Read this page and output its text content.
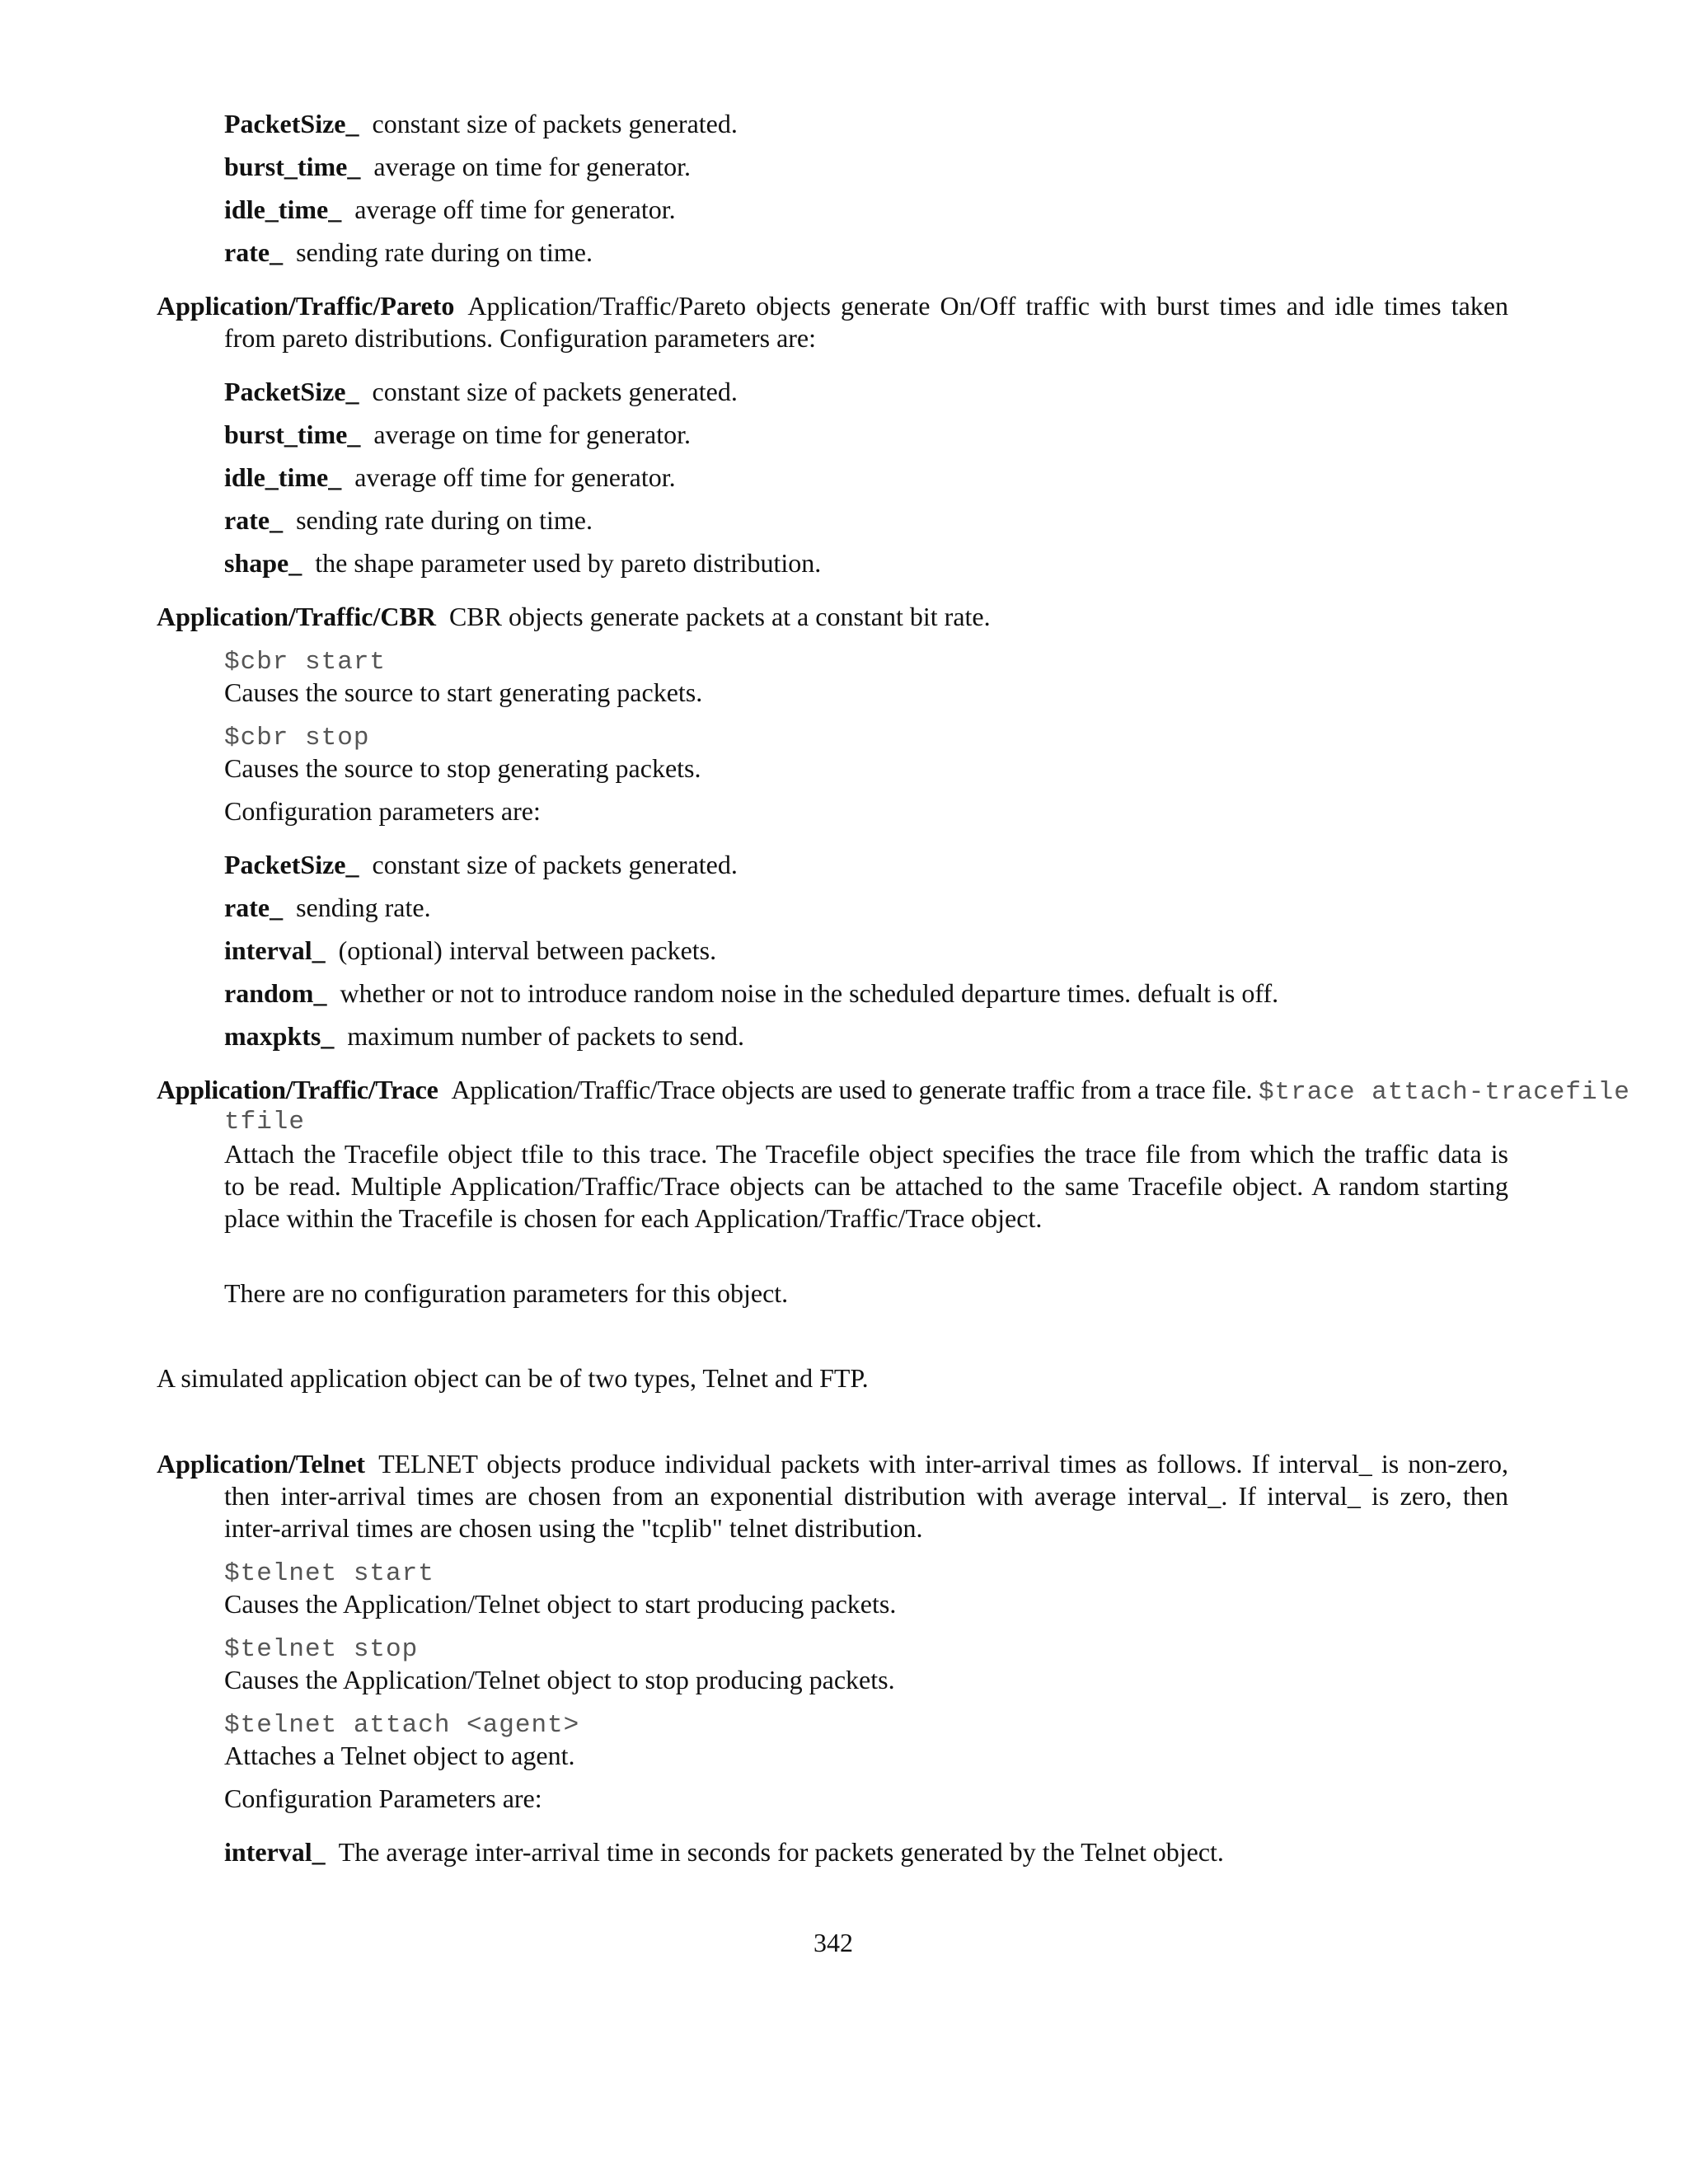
PacketSize_ constant size of packets generated.
burst_time_ average on time for generator.
idle_time_ average off time for generator.
rate_ sending rate during on time.
Application/Traffic/Pareto Application/Traffic/Pareto objects generate On/Off traffic with burst times and idle times taken
from pareto distributions. Configuration parameters are:
PacketSize_ constant size of packets generated.
burst_time_ average on time for generator.
idle_time_ average off time for generator.
rate_ sending rate during on time.
shape_ the shape parameter used by pareto distribution.
Application/Traffic/CBR CBR objects generate packets at a constant bit rate.
$cbr start
Causes the source to start generating packets.
$cbr stop
Causes the source to stop generating packets.
Configuration parameters are:
PacketSize_ constant size of packets generated.
rate_ sending rate.
interval_ (optional) interval between packets.
random_ whether or not to introduce random noise in the scheduled departure times. defualt is off.
maxpkts_ maximum number of packets to send.
Application/Traffic/Trace Application/Traffic/Trace objects are used to generate traffic from a trace file. $trace attach-tracefile
tfile
Attach the Tracefile object tfile to this trace. The Tracefile object specifies the trace file from which the traffic data is
to be read. Multiple Application/Traffic/Trace objects can be attached to the same Tracefile object. A random starting
place within the Tracefile is chosen for each Application/Traffic/Trace object.
There are no configuration parameters for this object.
A simulated application object can be of two types, Telnet and FTP.
Application/Telnet TELNET objects produce individual packets with inter-arrival times as follows. If interval_ is non-zero,
then inter-arrival times are chosen from an exponential distribution with average interval_. If interval_ is zero, then
inter-arrival times are chosen using the "tcplib" telnet distribution.
$telnet start
Causes the Application/Telnet object to start producing packets.
$telnet stop
Causes the Application/Telnet object to stop producing packets.
$telnet attach <agent>
Attaches a Telnet object to agent.
Configuration Parameters are:
interval_ The average inter-arrival time in seconds for packets generated by the Telnet object.
342
